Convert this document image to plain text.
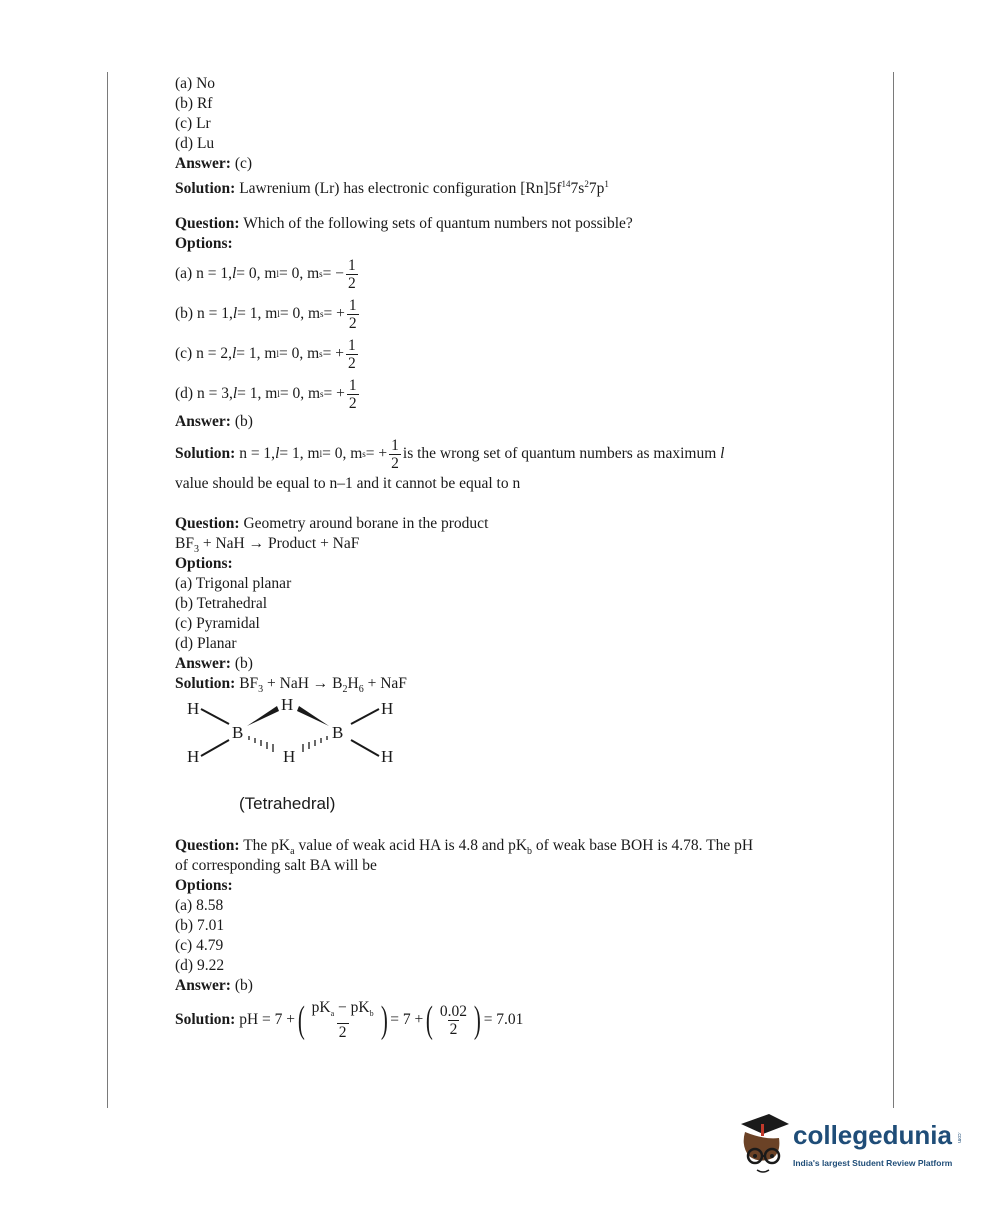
(a) No
(b) Rf
(c) Lr
(d) Lu
Answer: (c)
Solution: Lawrenium (Lr) has electronic configuration $[Rn]5f^{14}7s^27p^1$
Question: Which of the following sets of quantum numbers not possible?
Options:
(a) n = 1, l = 0, m l = 0, m s = − $\frac{1}{2}$
(b) n = 1, l = 1, m l = 0, m s = + $\frac{1}{2}$
(c) n = 2, l = 1, m l = 0, m s = + $\frac{1}{2}$
(d) n = 3, l = 1, m l = 0, m s = + $\frac{1}{2}$
Answer: (b)
Solution:
n = 1, l = 1, m l = 0, m s = + $\frac{1}{2}$ is the wrong set of quantum numbers as maximum
l
value should be equal to n–1 and it cannot be equal to n
Question: Geometry around borane in the product
$BF_3$ + NaH → Product + NaF
Options:
(a) Trigonal planar
(b) Tetrahedral
(c) Pyramidal
(d) Planar
Answer: (b)
Solution: $BF_3$ + NaH → $B_2H_6$ + NaF
H
H
H
H
H
H
B	B
(Tetrahedral)
Question: The $pK_a$ value of weak acid HA is 4.8 and $pK_b$ of weak base BOH is 4.78. The pH
of corresponding salt BA will be
Options:
(a) 8.58
(b) 7.01
(c) 4.79
(d) 9.22
Answer: (b)
Solution:
pH = 7 + ( $\frac{pK_a - pK_b}{2}$ ) = 7 + ( $\frac{0.02}{2}$ ) = 7.01
collegedunia .com
India's largest Student Review Platform
